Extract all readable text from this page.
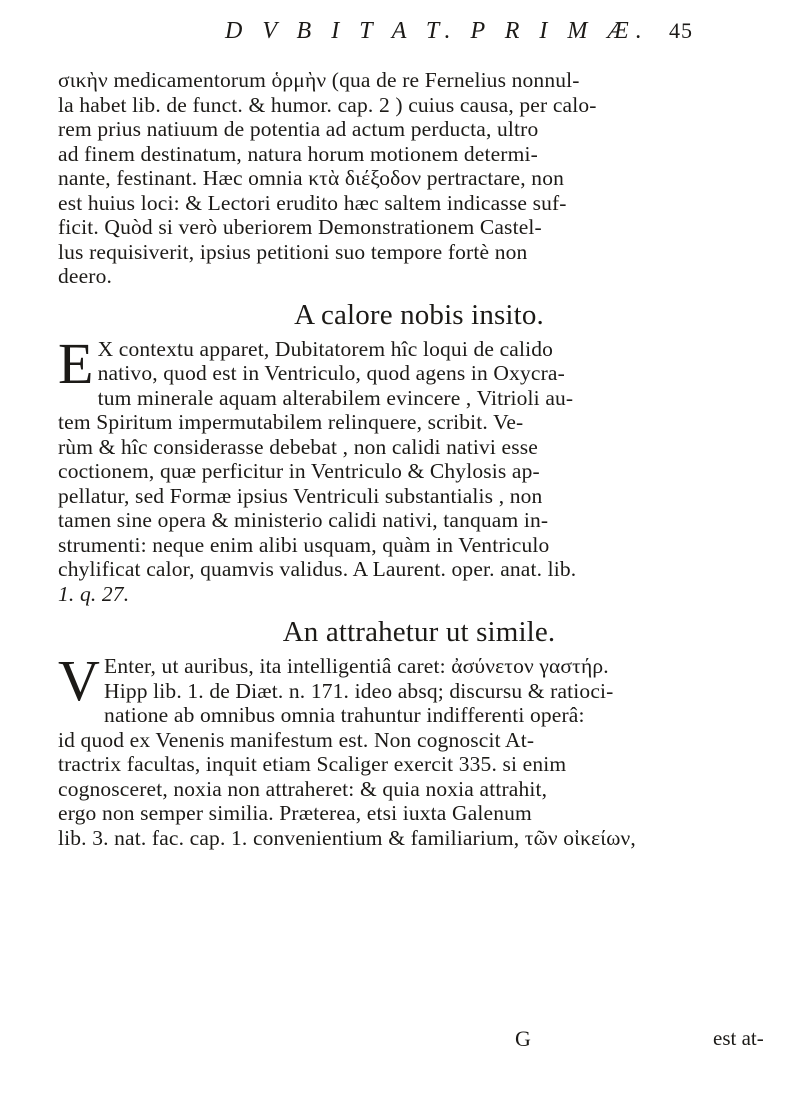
D V B I T A T. P R I M Æ. 45

σικὴν medicamentorum ὁρμὴν (qua de re Fernelius nonnul-
la habet lib. de funct. & humor. cap. 2 ) cuius causa, per calo-
rem prius natiuum de potentia ad actum perducta, ultro
ad finem destinatum, natura horum motionem determi-
nante, festinant. Hæc omnia κτὰ διέξοδον pertractare, non
est huius loci: & Lectori erudito hæc saltem indicasse suf-
ficit. Quòd si verò uberiorem Demonstrationem Castel-
lus requisiverit, ipsius petitioni suo tempore fortè non
deero.

A calore nobis insito.

E X contextu apparet, Dubitatorem hîc loqui de calido
nativo, quod est in Ventriculo, quod agens in Oxycra-
tum minerale aquam alterabilem evincere , Vitrioli au-
tem Spiritum impermutabilem relinquere, scribit. Ve-
rùm & hîc considerasse debebat , non calidi nativi esse
coctionem, quæ perficitur in Ventriculo & Chylosis ap-
pellatur, sed Formæ ipsius Ventriculi substantialis , non
tamen sine opera & ministerio calidi nativi, tanquam in-
strumenti: neque enim alibi usquam, quàm in Ventriculo
chylificat calor, quamvis validus. A Laurent. oper. anat. lib.
1. q. 27.

An attrahetur ut simile.

V Enter, ut auribus, ita intelligentiâ caret: ἀσύνετον γαστήρ.
Hipp lib. 1. de Diæt. n. 171. ideo absq; discursu & ratioci-
natione ab omnibus omnia trahuntur indifferenti operâ:
id quod ex Venenis manifestum est. Non cognoscit At-
tractrix facultas, inquit etiam Scaliger exercit 335. si enim
cognosceret, noxia non attraheret: & quia noxia attrahit,
ergo non semper similia. Præterea, etsi iuxta Galenum
lib. 3. nat. fac. cap. 1. convenientium & familiarium, τῶν οἰκείων,

G	est at-
